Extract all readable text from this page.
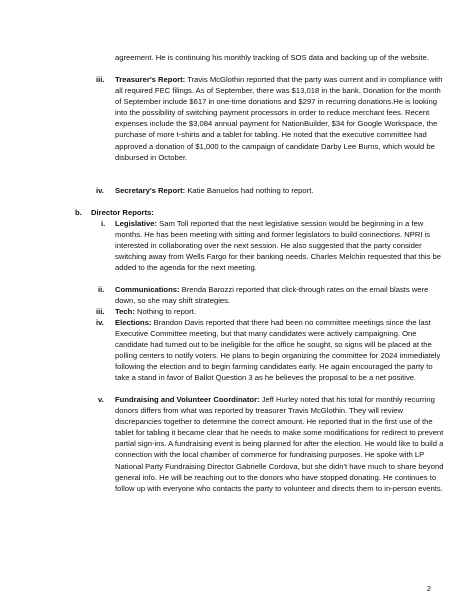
agreement. He is continuing his monthly tracking of SOS data and backing up of the website.
iii. Treasurer's Report: Travis McGlothin reported that the party was current and in compliance with all required FEC filings. As of September, there was $13,018 in the bank. Donation for the month of September include $617 in one-time donations and $297 in recurring donations.He is looking into the possibility of switching payment processors in order to reduce merchant fees. Recent expenses include the $3,084 annual payment for NationBuilder, $34 for Google Workspace, the purchase of more t-shirts and a tablet for tabling. He noted that the executive committee had approved a donation of $1,000 to the campaign of candidate Darby Lee Burns, which would be disbursed in October.
iv. Secretary's Report: Katie Banuelos had nothing to report.
b. Director Reports:
i. Legislative: Sam Toll reported that the next legislative session would be beginning in a few months. He has been meeting with sitting and former legislators to build connections. NPRI is interested in collaborating over the next session. He also suggested that the party consider switching away from Wells Fargo for their banking needs. Charles Melchin requested that this be added to the agenda for the next meeting.
ii. Communications: Brenda Barozzi reported that click-through rates on the email blasts were down, so she may shift strategies.
iii. Tech: Nothing to report.
iv. Elections: Brandon Davis reported that there had been no committee meetings since the last Executive Committee meeting, but that many candidates were actively campaigning. One candidate had turned out to be ineligible for the office he sought, so signs will be placed at the polling centers to notify voters. He plans to begin organizing the committee for 2024 immediately following the election and to begin farming candidates early. He again encouraged the party to take a stand in favor of Ballot Question 3 as he believes the proposal to be a net positive.
v. Fundraising and Volunteer Coordinator: Jeff Hurley noted that his total for monthly recurring donors differs from what was reported by treasurer Travis McGlothin. They will review discrepancies together to determine the correct amount. He reported that in the first use of the tablet for tabling it became clear that he needs to make some modifications for redirect to prevent partial sign-ins. A fundraising event is being planned for after the election. He would like to build a connection with the local chamber of commerce for fundraising purposes. He spoke with LP National Party Fundraising Director Gabrielle Cordova, but she didn't have much to share beyond general info. He will be reaching out to the donors who have stopped donating. He continues to follow up with everyone who contacts the party to volunteer and directs them to in-person events.
2
